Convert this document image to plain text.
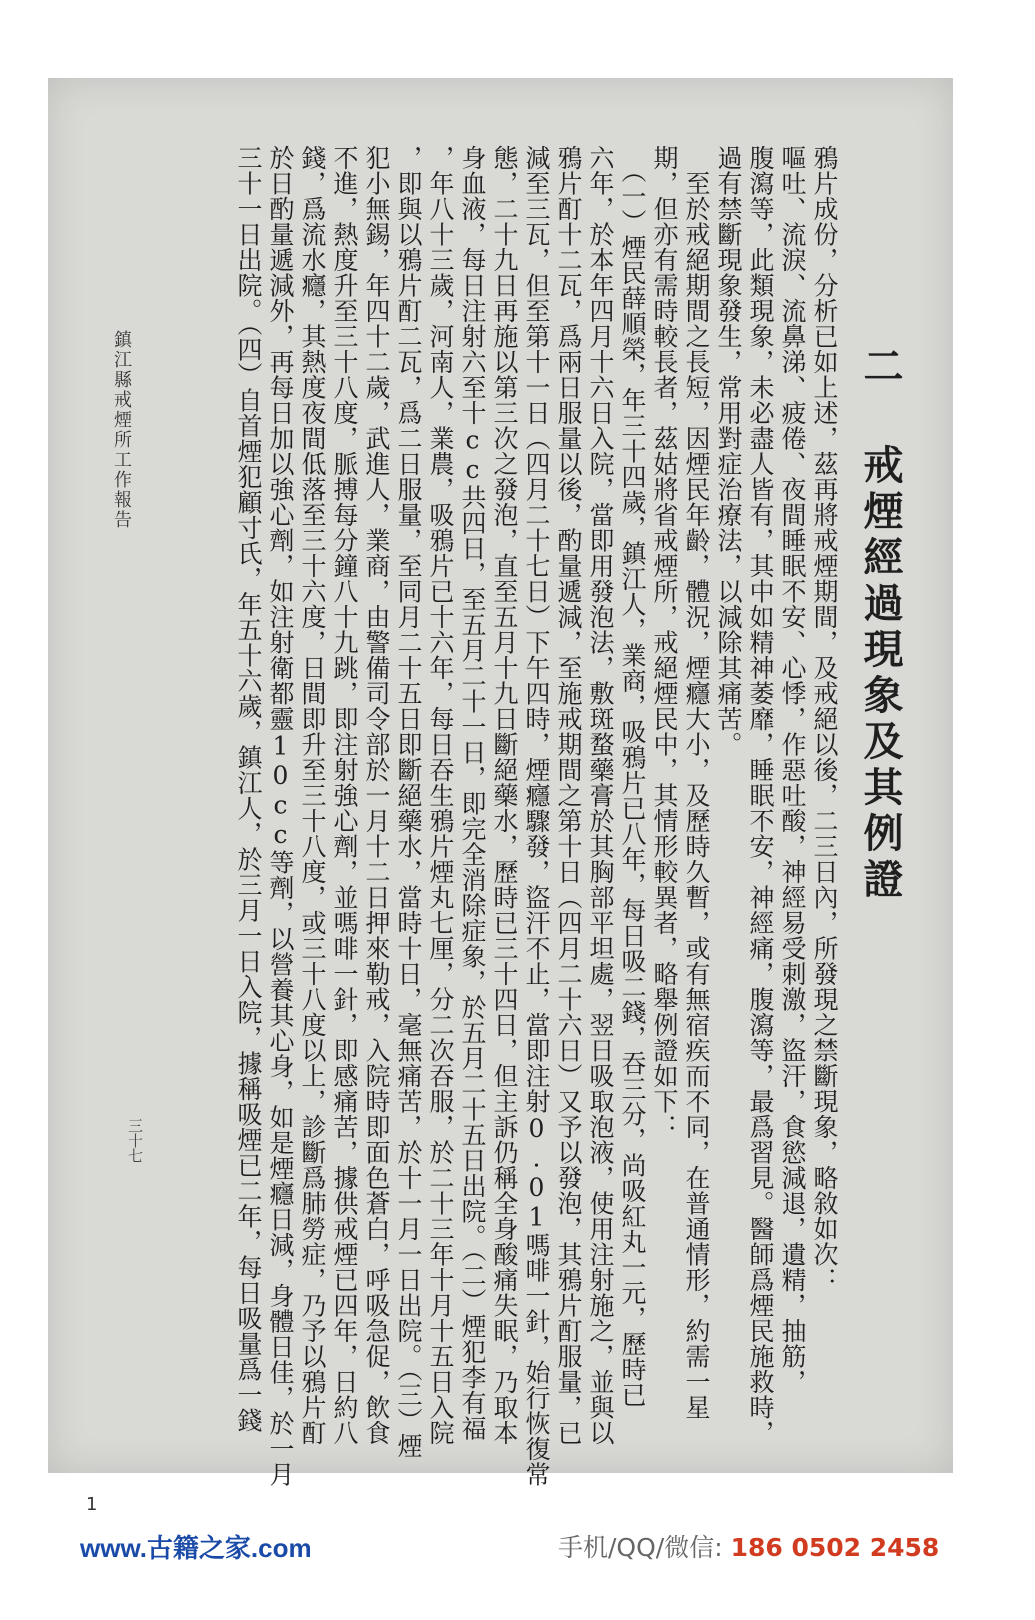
二 戒煙經過現象及其例證
鴉片成份，分析已如上述，茲再將戒煙期間，及戒絕以後，二三日內，所發現之禁斷現象，略敘如次：
嘔吐、流淚、流鼻涕、疲倦、夜間睡眠不安、心悸，作惡吐酸，神經易受刺激，盜汗，食慾減退，遺精，抽筋，
腹瀉等，此類現象，未必盡人皆有，其中如精神萎靡，睡眠不安，神經痛，腹瀉等，最爲習見。醫師爲煙民施救時，
過有禁斷現象發生，常用對症治療法，以減除其痛苦。
　至於戒絕期間之長短，因煙民年齡，體況，煙癮大小，及歷時久暫，或有無宿疾而不同，在普通情形，約需一星
期，但亦有需時較長者，茲姑將省戒煙所，戒絕煙民中，其情形較異者，略舉例證如下：
　（一）煙民薛順榮，年三十四歲，鎮江人，業商，吸鴉片已八年，每日吸二錢，吞三分，尚吸紅丸一元，歷時已
六年，於本年四月十六日入院，當即用發泡法，敷斑蝥藥膏於其胸部平坦處，翌日吸取泡液，使用注射施之，並與以
鴉片酊十二瓦，爲兩日服量以後，酌量遞減，至施戒期間之第十日（四月二十六日）又予以發泡，其鴉片酊服量，已
減至三瓦，但至第十一日（四月二十七日）下午四時，煙癮驟發，盜汗不止，當即注射0.01嗎啡一針，始行恢復常
態，二十九日再施以第三次之發泡，直至五月十九日斷絕藥水，歷時已三十四日，但主訴仍稱全身酸痛失眠，乃取本
身血液，每日注射六至十cc共四日，至五月二十一日，即完全消除症象，於五月二十五日出院。（二）煙犯李有福
，年八十三歲，河南人，業農，吸鴉片已十六年，每日吞生鴉片煙丸七厘，分二次吞服，於二十三年十月十五日入院
，即與以鴉片酊二瓦，爲二日服量，至同月二十五日即斷絕藥水，當時十日，毫無痛苦，於十一月一日出院。（三）煙
犯小無錫，年四十二歲，武進人，業商，由警備司令部於一月十二日押來勒戒，入院時即面色蒼白，呼吸急促，飲食
不進，熱度升至三十八度，脈搏每分鐘八十九跳，即注射強心劑，並嗎啡一針，即感痛苦，據供戒煙已四年，日約八
錢，爲流水癮，其熱度夜間低落至三十六度，日間即升至三十八度，或三十八度以上，診斷爲肺勞症，乃予以鴉片酊
於日酌量遞減外，再每日加以強心劑，如注射衛都靈10cc等劑，以營養其心身，如是煙癮日減，身體日佳，於一月
三十一日出院。（四）自首煙犯顧寸氏，年五十六歲，鎮江人，於三月一日入院，據稱吸煙已二年，每日吸量爲一錢
鎮江縣戒煙所工作報告
三十七
1
www.古籍之家.com	手机/QQ/微信: 186 0502 2458
